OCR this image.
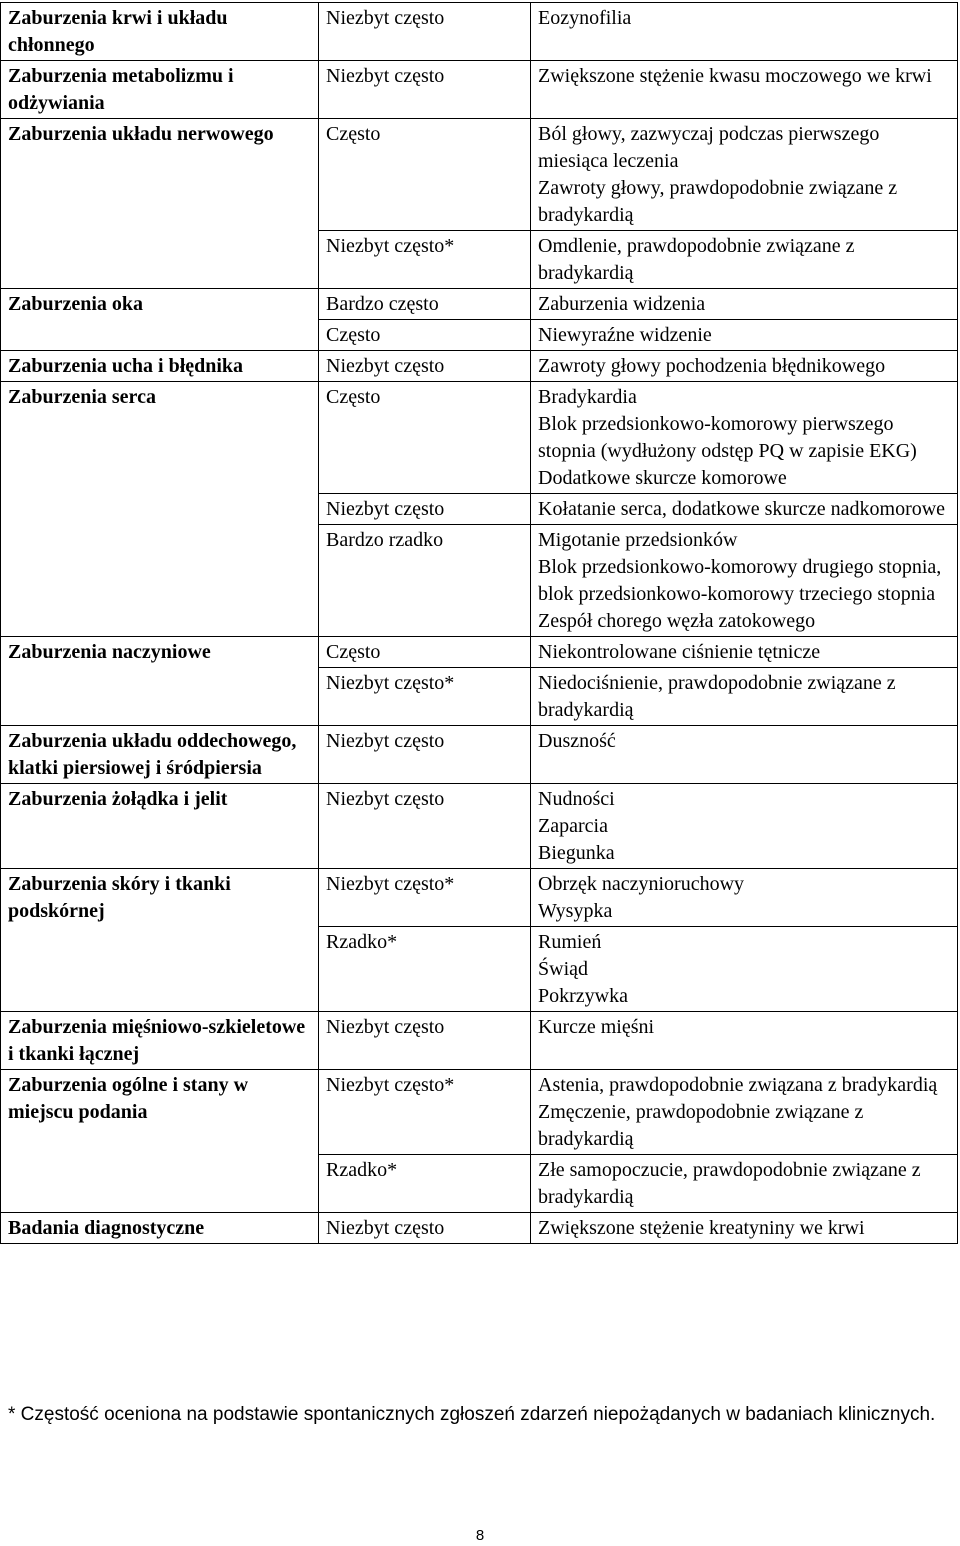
Zaburzenia krwi i układu chłonnego	Niezbyt często	Eozynofilia

Zaburzenia metabolizmu i odżywiania	Niezbyt często	Zwiększone stężenie kwasu moczowego we krwi

Zaburzenia układu nerwowego	Często	Ból głowy, zazwyczaj podczas pierwszego miesiąca leczenia
Zawroty głowy, prawdopodobnie związane z bradykardią

	Niezbyt często*	Omdlenie, prawdopodobnie związane z bradykardią

Zaburzenia oka	Bardzo często	Zaburzenia widzenia

	Często	Niewyraźne widzenie

Zaburzenia ucha i błędnika	Niezbyt często	Zawroty głowy pochodzenia błędnikowego

Zaburzenia serca	Często	Bradykardia
Blok przedsionkowo-komorowy pierwszego stopnia (wydłużony odstęp PQ w zapisie EKG)
Dodatkowe skurcze komorowe

	Niezbyt często	Kołatanie serca, dodatkowe skurcze nadkomorowe

	Bardzo rzadko	Migotanie przedsionków
Blok przedsionkowo-komorowy drugiego stopnia, blok przedsionkowo-komorowy trzeciego stopnia
Zespół chorego węzła zatokowego

Zaburzenia naczyniowe	Często	Niekontrolowane ciśnienie tętnicze

	Niezbyt często*	Niedociśnienie, prawdopodobnie związane z bradykardią

Zaburzenia układu oddechowego, klatki piersiowej i śródpiersia	Niezbyt często	Duszność

Zaburzenia żołądka i jelit	Niezbyt często	Nudności
Zaparcia
Biegunka

Zaburzenia skóry i tkanki podskórnej	Niezbyt często*	Obrzęk naczynioruchowy
Wysypka

	Rzadko*	Rumień
Świąd
Pokrzywka

Zaburzenia mięśniowo-szkieletowe i tkanki łącznej	Niezbyt często	Kurcze mięśni

Zaburzenia ogólne i stany w miejscu podania	Niezbyt często*	Astenia, prawdopodobnie związana z bradykardią
Zmęczenie, prawdopodobnie związane z bradykardią

	Rzadko*	Złe samopoczucie, prawdopodobnie związane z bradykardią

Badania diagnostyczne	Niezbyt często	Zwiększone stężenie kreatyniny we krwi
* Częstość oceniona na podstawie spontanicznych zgłoszeń zdarzeń niepożądanych w badaniach klinicznych.
8
